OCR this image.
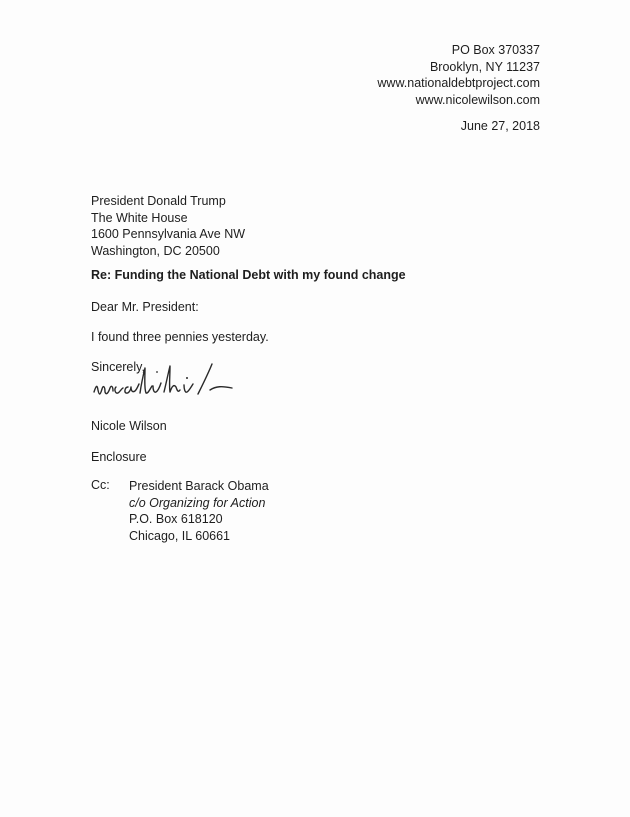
PO Box 370337
Brooklyn, NY 11237
www.nationaldebtproject.com
www.nicolewilson.com
June 27, 2018
President Donald Trump
The White House
1600 Pennsylvania Ave NW
Washington, DC 20500
Re: Funding the National Debt with my found change
Dear Mr. President:
I found three pennies yesterday.
Sincerely,
Nicole Wilson
Enclosure
Cc: President Barack Obama
c/o Organizing for Action
P.O. Box 618120
Chicago, IL 60661
